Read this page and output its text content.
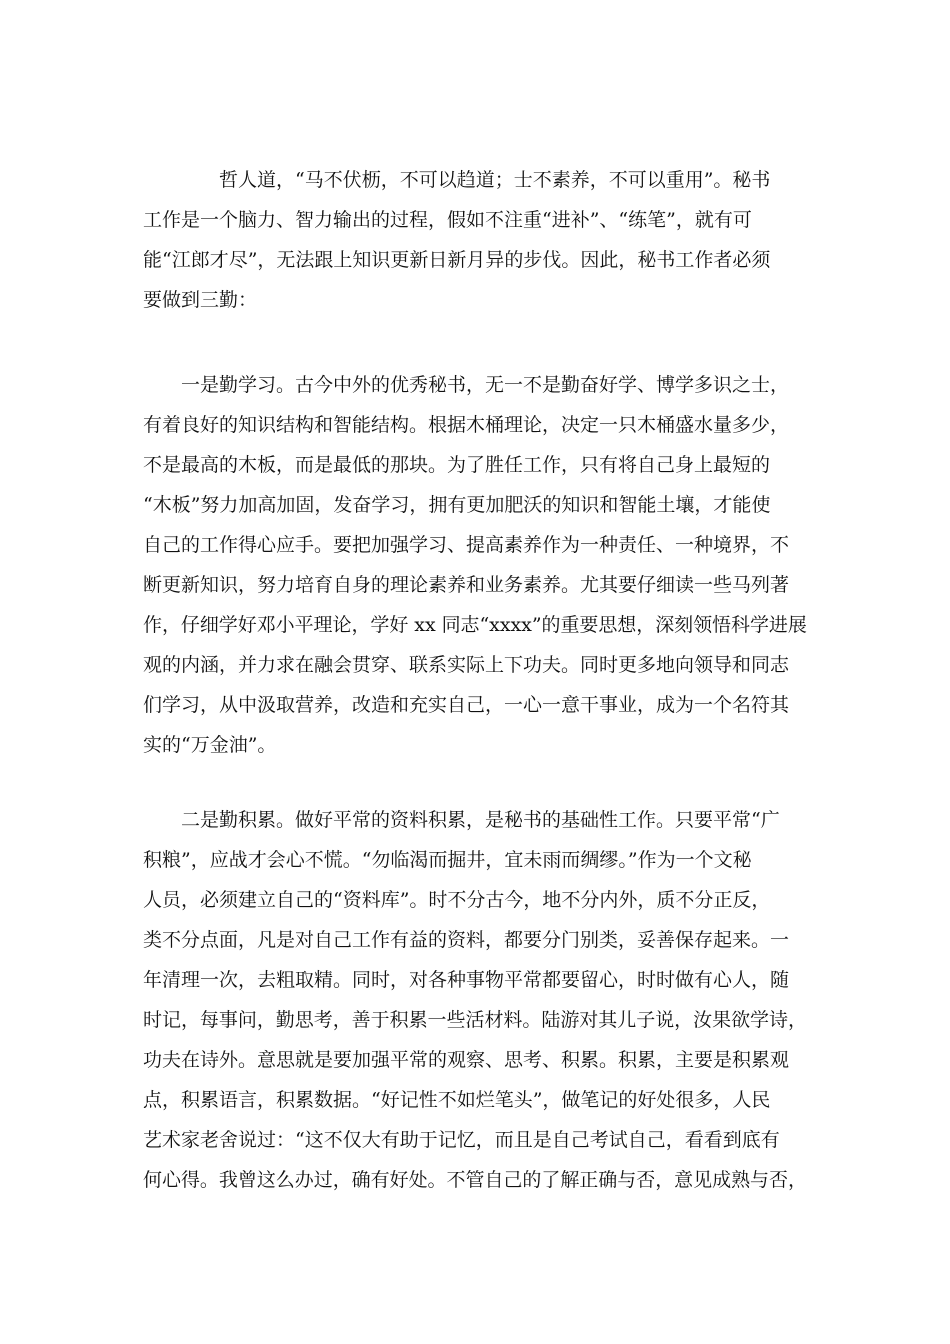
哲人道，“马不伏枥，不可以趋道；士不素养，不可以重用”。秘书
工作是一个脑力、智力输出的过程，假如不注重“进补”、“练笔”，就有可
能“江郎才尽”，无法跟上知识更新日新月异的步伐。因此，秘书工作者必须
要做到三勤：
一是勤学习。古今中外的优秀秘书，无一不是勤奋好学、博学多识之士，
有着良好的知识结构和智能结构。根据木桶理论，决定一只木桶盛水量多少，
不是最高的木板，而是最低的那块。为了胜任工作，只有将自己身上最短的
“木板”努力加高加固，发奋学习，拥有更加肥沃的知识和智能土壤，才能使
自己的工作得心应手。要把加强学习、提高素养作为一种责任、一种境界，不
断更新知识，努力培育自身的理论素养和业务素养。尤其要仔细读一些马列著
作，仔细学好邓小平理论，学好 xx 同志“xxxx”的重要思想，深刻领悟科学进展
观的内涵，并力求在融会贯穿、联系实际上下功夫。同时更多地向领导和同志
们学习，从中汲取营养，改造和充实自己，一心一意干事业，成为一个名符其
实的“万金油”。
二是勤积累。做好平常的资料积累，是秘书的基础性工作。只要平常“广
积粮”，应战才会心不慌。“勿临渴而掘井，宜未雨而绸缪。”作为一个文秘
人员，必须建立自己的“资料库”。时不分古今，地不分内外，质不分正反，
类不分点面，凡是对自己工作有益的资料，都要分门别类，妥善保存起来。一
年清理一次，去粗取精。同时，对各种事物平常都要留心，时时做有心人，随
时记，每事问，勤思考，善于积累一些活材料。陆游对其儿子说，汝果欲学诗，
功夫在诗外。意思就是要加强平常的观察、思考、积累。积累，主要是积累观
点，积累语言，积累数据。“好记性不如烂笔头”，做笔记的好处很多，人民
艺术家老舍说过：“这不仅大有助于记忆，而且是自己考试自己，看看到底有
何心得。我曾这么办过，确有好处。不管自己的了解正确与否，意见成熟与否，
